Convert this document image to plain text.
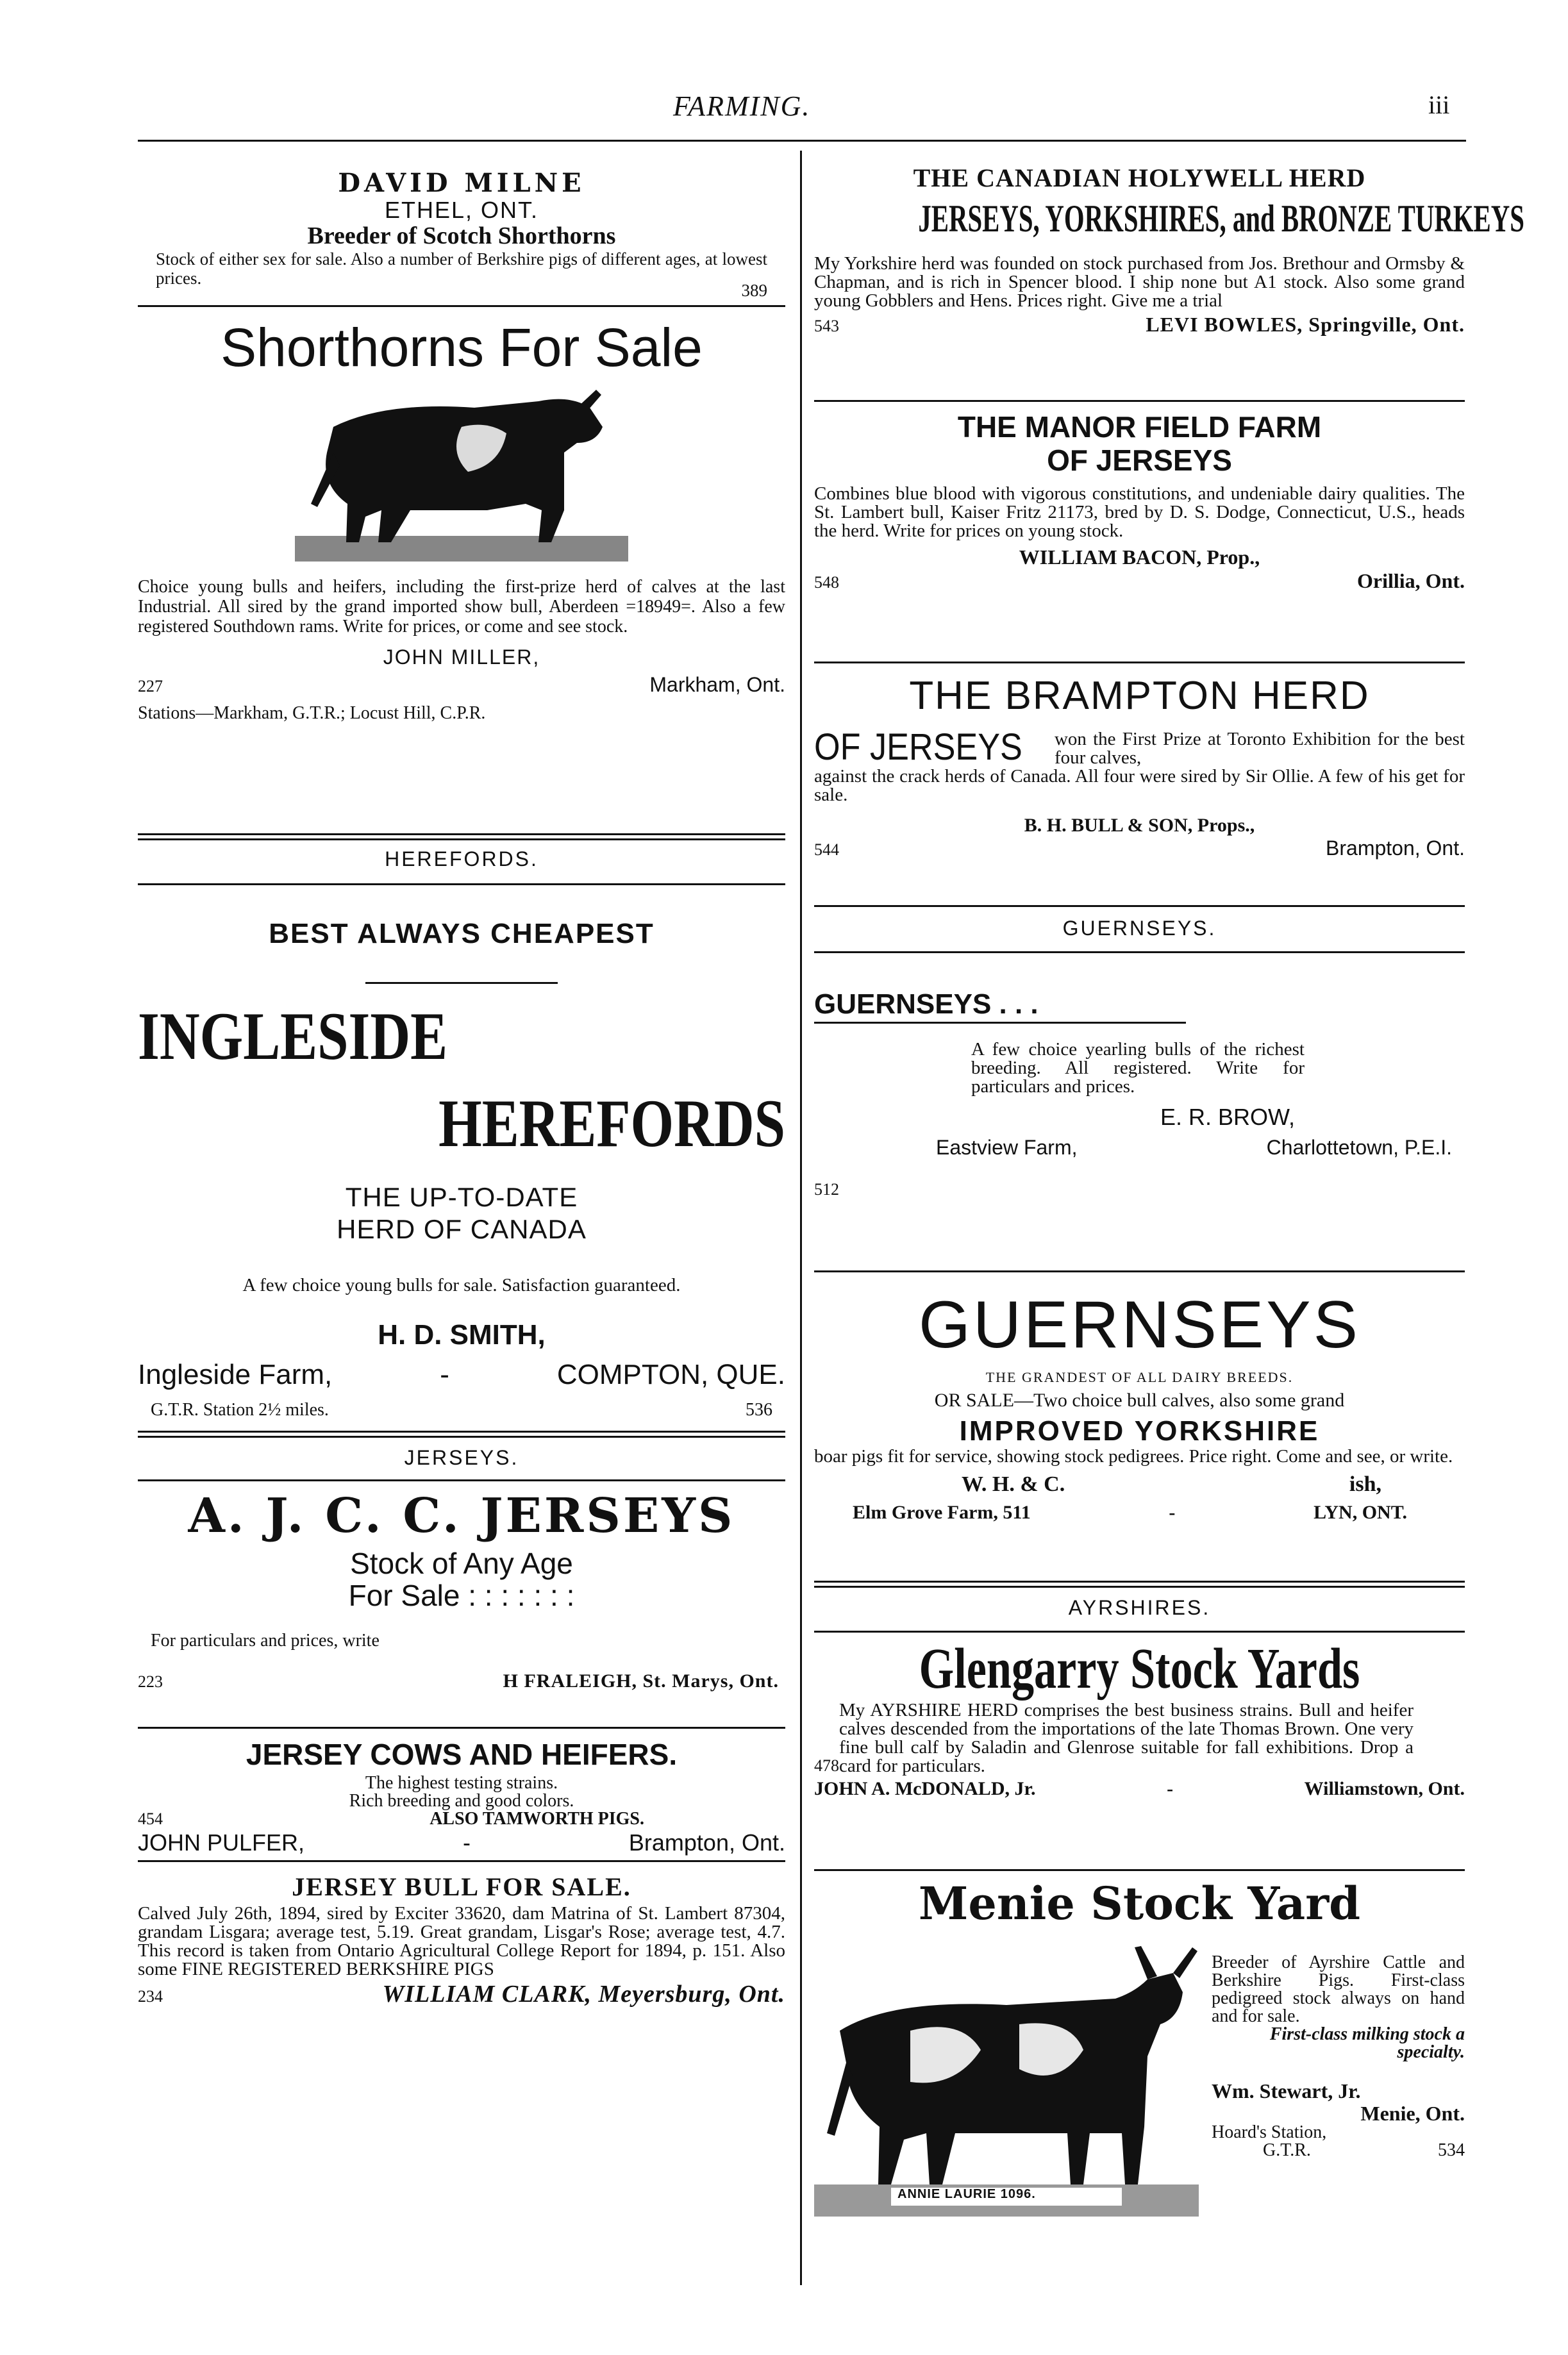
FARMING.	iii
DAVID MILNE
ETHEL, ONT.
Breeder of Scotch Shorthorns
Stock of either sex for sale. Also a number of Berkshire pigs of different ages, at lowest prices.
389
Shorthorns For Sale
Choice young bulls and heifers, including the first-prize herd of calves at the last Industrial. All sired by the grand imported show bull, Aberdeen =18949=. Also a few registered Southdown rams. Write for prices, or come and see stock.
JOHN MILLER,
227	Markham, Ont.
Stations—Markham, G.T.R.; Locust Hill, C.P.R.
HEREFORDS.
BEST ALWAYS CHEAPEST
INGLESIDE
HEREFORDS
THE UP-TO-DATE
HERD OF CANADA
A few choice young bulls for sale. Satisfaction guaranteed.
H. D. SMITH,
Ingleside Farm,	-	COMPTON, QUE.
G.T.R. Station 2½ miles.	536
JERSEYS.
A. J. C. C. JERSEYS
Stock of Any Age
For Sale : : : : : : :
For particulars and prices, write
223	H FRALEIGH, St. Marys, Ont.
JERSEY COWS AND HEIFERS.
The highest testing strains.
Rich breeding and good colors.
454	ALSO TAMWORTH PIGS.
JOHN PULFER,	-	Brampton, Ont.
JERSEY BULL FOR SALE.
Calved July 26th, 1894, sired by Exciter 33620, dam Matrina of St. Lambert 87304, grandam Lisgara; average test, 5.19. Great grandam, Lisgar's Rose; average test, 4.7. This record is taken from Ontario Agricultural College Report for 1894, p. 151. Also some FINE REGISTERED BERKSHIRE PIGS
234	WILLIAM CLARK, Meyersburg, Ont.
THE CANADIAN HOLYWELL HERD
JERSEYS, YORKSHIRES, and BRONZE TURKEYS
My Yorkshire herd was founded on stock purchased from Jos. Brethour and Ormsby & Chapman, and is rich in Spencer blood. I ship none but A1 stock. Also some grand young Gobblers and Hens. Prices right. Give me a trial
543	LEVI BOWLES, Springville, Ont.
THE MANOR FIELD FARM
OF JERSEYS
Combines blue blood with vigorous constitutions, and undeniable dairy qualities. The St. Lambert bull, Kaiser Fritz 21173, bred by D. S. Dodge, Connecticut, U.S., heads the herd. Write for prices on young stock.
WILLIAM BACON, Prop.,
548	Orillia, Ont.
THE BRAMPTON HERD
OF JERSEYS won the First Prize at Toronto Exhibition for the best four calves,
against the crack herds of Canada. All four were sired by Sir Ollie. A few of his get for sale.
B. H. BULL & SON, Props.,
544	Brampton, Ont.
GUERNSEYS.
GUERNSEYS . . .
A few choice yearling bulls of the richest breeding. All registered. Write for particulars and prices.
E. R. BROW,
Eastview Farm,	Charlottetown, P.E.I.
512
GUERNSEYS
THE GRANDEST OF ALL DAIRY BREEDS.
OR SALE—Two choice bull calves, also some grand
IMPROVED YORKSHIRE
boar pigs fit for service, showing stock pedigrees. Price right. Come and see, or write.
W. H. & C.	ish,
Elm Grove Farm, 511	-	LYN, ONT.
AYRSHIRES.
Glengarry Stock Yards
478
My AYRSHIRE HERD comprises the best business strains. Bull and heifer calves descended from the importations of the late Thomas Brown. One very fine bull calf by Saladin and Glenrose suitable for fall exhibitions. Drop a card for particulars.
JOHN A. McDONALD, Jr.	-	Williamstown, Ont.
Menie Stock Yard
ANNIE LAURIE 1096.
Breeder of Ayrshire Cattle and Berkshire Pigs. First-class pedigreed stock always on hand and for sale.
First-class milking stock a specialty.
Wm. Stewart, Jr.
Menie, Ont.
Hoard's Station,
G.T.R.	534
